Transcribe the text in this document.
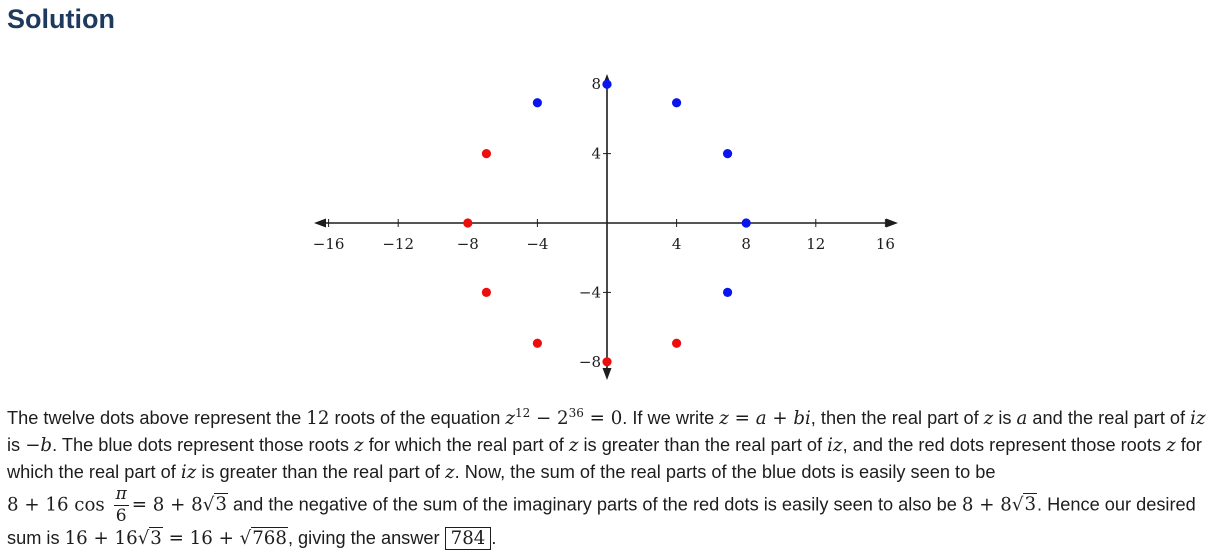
Solution
−16	−12	−8	−4	4	8	12	16
8
4
−4
−8
The twelve dots above represent the 12 roots of the equation $z^{12} - 2^{36} = 0$. If we write z = a + bi, then the real part of z is a and the real part of iz is −b. The blue dots represent those roots z for which the real part of z is greater than the real part of iz, and the red dots represent those roots z for which the real part of iz is greater than the real part of z. Now, the sum of the real parts of the blue dots is easily seen to be
8 + 16 $\cos \frac{\pi}{6} = 8 + 8√3$ and the negative of the sum of the imaginary parts of the red dots is easily seen to also be 8 + 8√3. Hence our desired sum is 16 + 16√3 = 16 + √768, giving the answer 784 .
